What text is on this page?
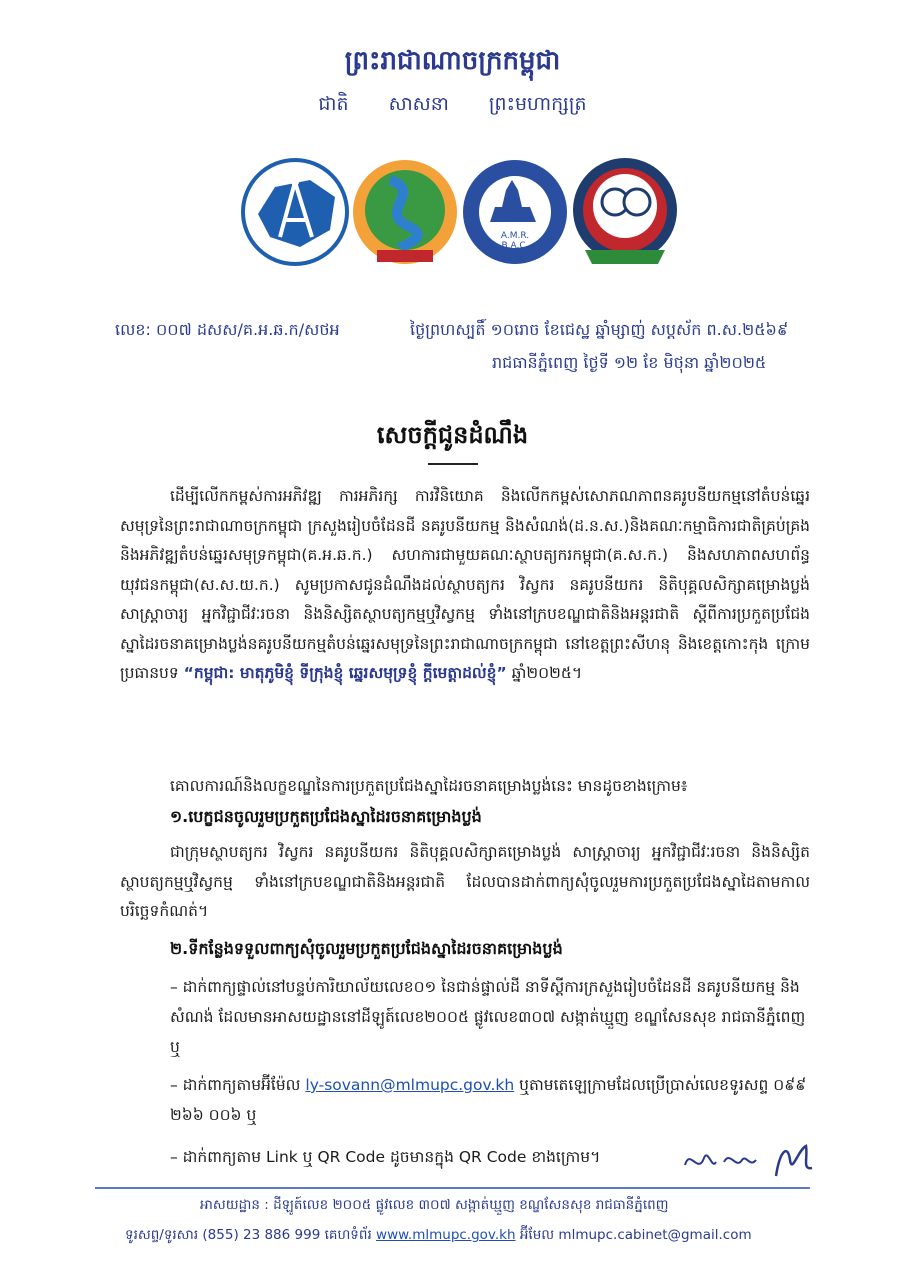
ព្រះរាជាណាចក្រកម្ពុជា
ជាតិ សាសនា ព្រះមហាក្សត្រ
A.M.R.
B.A.C.
លេខ: ០០៧ ដសស/គ.អ.ឆ.ក/សថអ	ថ្ងៃព្រហស្បតិ៍ ១០រោច ខែជេស្ឋ ឆ្នាំម្សាញ់ សប្តស័ក ព.ស.២៥៦៩
រាជធានីភ្នំពេញ ថ្ងៃទី ១២ ខែ មិថុនា ឆ្នាំ២០២៥
សេចក្តីជូនដំណឹង
ដើម្បីលើកកម្ពស់ការអភិវឌ្ឍ ការអភិរក្ស ការវិនិយោគ និងលើកកម្ពស់សោភណភាពនគរូបនីយកម្មនៅតំបន់ឆ្នេរសមុទ្រនៃព្រះរាជាណាចក្រកម្ពុជា ក្រសួងរៀបចំដែនដី នគរូបនីយកម្ម និងសំណង់(ដ.ន.ស.)និងគណៈកម្មាធិការជាតិគ្រប់គ្រងនិងអភិវឌ្ឍតំបន់ឆ្នេរសមុទ្រកម្ពុជា(គ.អ.ឆ.ក.) សហការជាមួយគណៈស្ថាបត្យករកម្ពុជា(គ.ស.ក.) និងសហភាពសហព័ន្ធយុវជនកម្ពុជា(ស.ស.យ.ក.) សូមប្រកាសជូនដំណឹងដល់ស្ថាបត្យករ វិស្វករ នគរូបនីយករ និតិបុគ្គលសិក្សាគម្រោងប្លង់ សាស្ត្រាចារ្យ អ្នកវិជ្ជាជីវៈរចនា និងនិស្សិតស្ថាបត្យកម្មឬវិស្វកម្ម ទាំងនៅក្របខណ្ឌជាតិនិងអន្តរជាតិ ស្តីពីការប្រកួតប្រជែងស្នាដៃរចនាគម្រោងប្លង់នគរូបនីយកម្មតំបន់ឆ្នេរសមុទ្រនៃព្រះរាជាណាចក្រកម្ពុជា នៅខេត្តព្រះសីហនុ និងខេត្តកោះកុង ក្រោមប្រធានបទ “កម្ពុជា: មាតុភូមិខ្ញុំ ទីក្រុងខ្ញុំ ឆ្នេរសមុទ្រខ្ញុំ ក្តីមេត្តាដល់ខ្ញុំ” ឆ្នាំ២០២៥។
គោលការណ៍និងលក្ខខណ្ឌនៃការប្រកួតប្រជែងស្នាដៃរចនាគម្រោងប្លង់នេះ មានដូចខាងក្រោម៖
១.បេក្ខជនចូលរួមប្រកួតប្រជែងស្នាដៃរចនាគម្រោងប្លង់
ជាក្រុមស្ថាបត្យករ វិស្វករ នគរូបនីយករ និតិបុគ្គលសិក្សាគម្រោងប្លង់ សាស្ត្រាចារ្យ អ្នកវិជ្ជាជីវៈរចនា និងនិស្សិតស្ថាបត្យកម្មឬវិស្វកម្ម ទាំងនៅក្របខណ្ឌជាតិនិងអន្តរជាតិ ដែលបានដាក់ពាក្យសុំចូលរួមការប្រកួតប្រជែងស្នាដៃតាមកាលបរិច្ឆេទកំណត់។
២.ទីកន្លែងទទួលពាក្យសុំចូលរួមប្រកួតប្រជែងស្នាដៃរចនាគម្រោងប្លង់
– ដាក់ពាក្យផ្ទាល់នៅបន្ទប់ការិយាល័យលេខ០១ នៃជាន់ផ្ទាល់ដី នាទីស្តីការក្រសួងរៀបចំដែនដី នគរូបនីយកម្ម និងសំណង់ ដែលមានអាសយដ្ឋាននៅដីឡូត៍លេខ២០០៥ ផ្លូវលេខ៣០៧ សង្កាត់ឃ្មួញ ខណ្ឌសែនសុខ រាជធានីភ្នំពេញ ឬ
– ដាក់ពាក្យតាមអ៊ីម៉ែល ly-sovann@mlmupc.gov.kh ឬតាមតេឡេក្រាមដែលប្រើប្រាស់លេខទូរសព្ទ ០៩៩ ២៦៦ ០០៦ ឬ
– ដាក់ពាក្យតាម Link ឬ QR Code ដូចមានក្នុង QR Code ខាងក្រោម។
អាសយដ្ឋាន : ដីឡូត៍លេខ ២០០៥ ផ្លូវលេខ ៣០៧ សង្កាត់ឃ្មួញ ខណ្ឌសែនសុខ រាជធានីភ្នំពេញ
ទូរសព្ទ/ទូរសារ (855) 23 886 999 គេហទំព័រ www.mlmupc.gov.kh អ៊ីមែល mlmupc.cabinet@gmail.com
